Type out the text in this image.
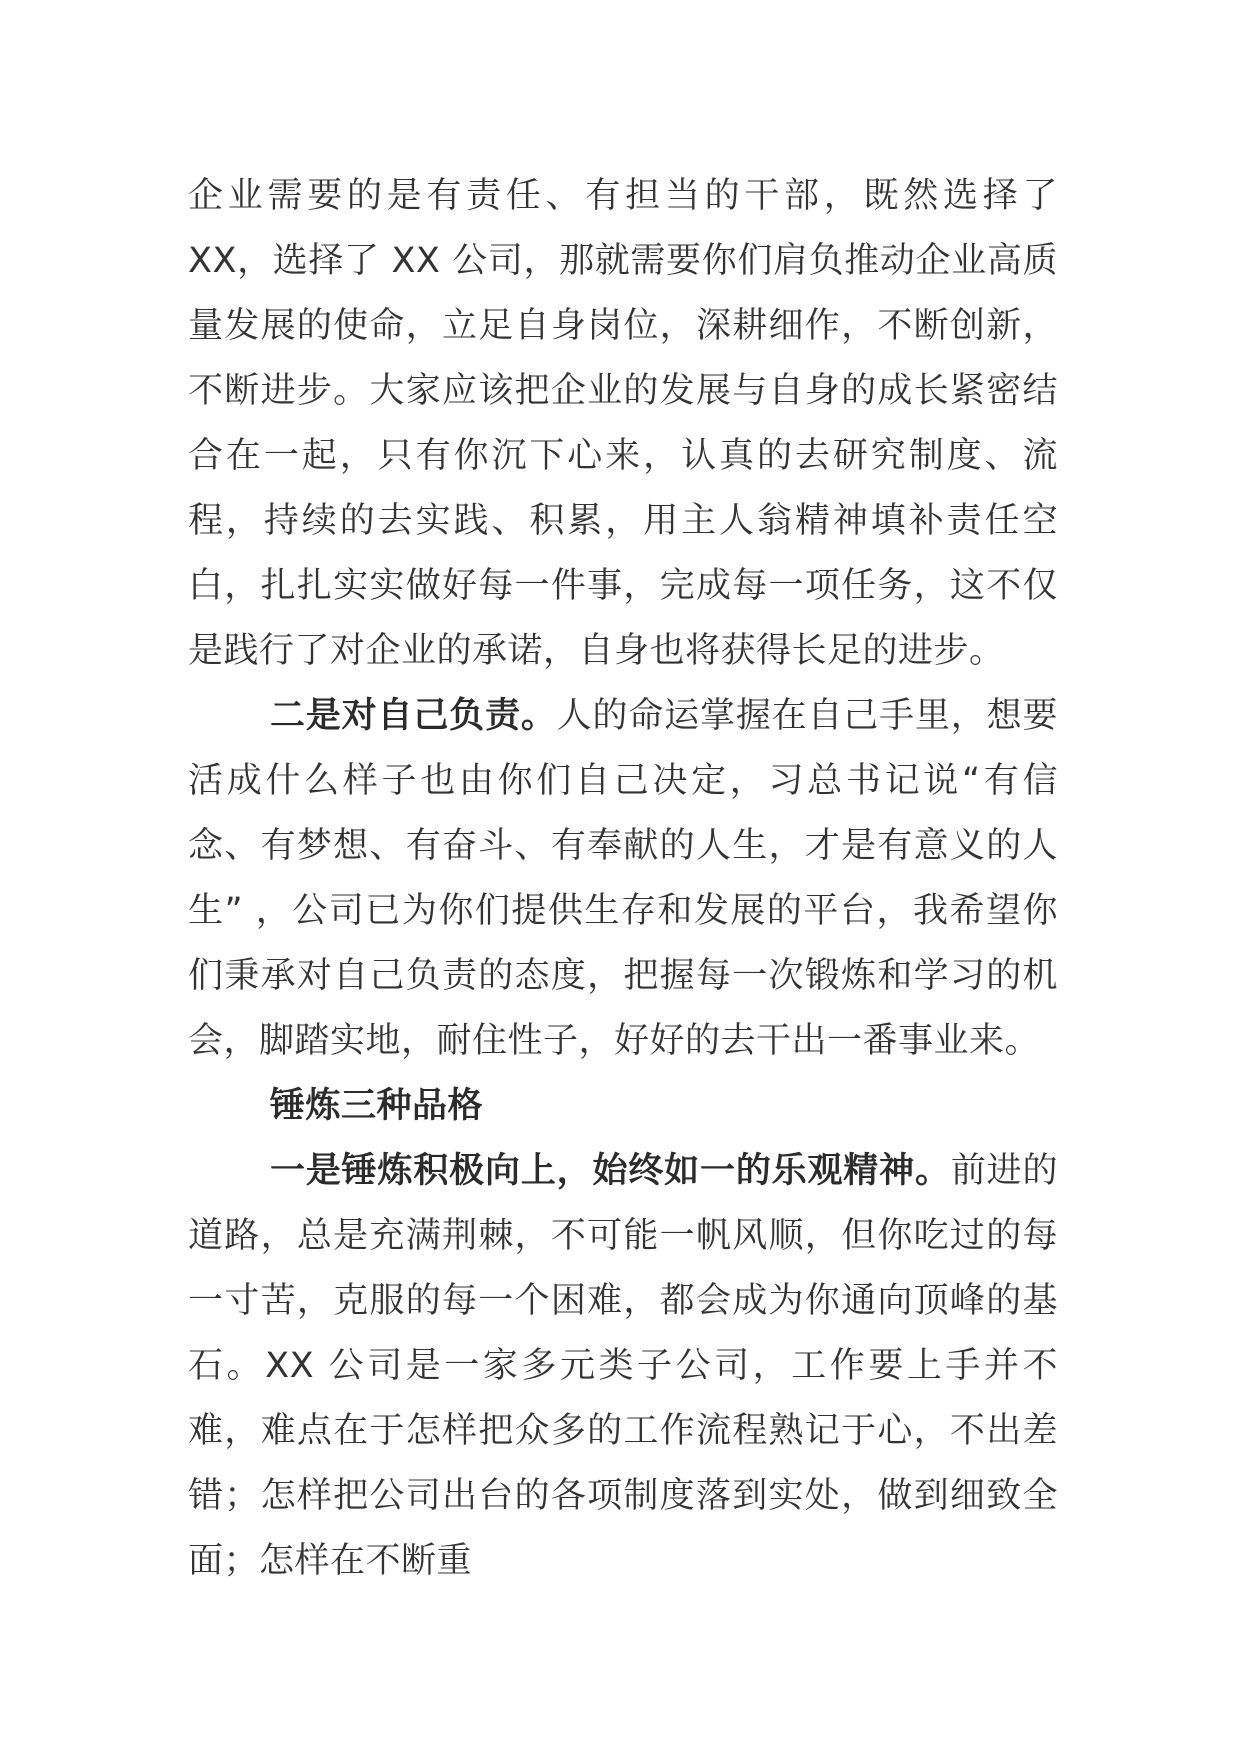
企业需要的是有责任、有担当的干部，既然选择了 XX，选择了 XX 公司，那就需要你们肩负推动企业高质量发展的使命，立足自身岗位，深耕细作，不断创新，不断进步。大家应该把企业的发展与自身的成长紧密结合在一起，只有你沉下心来，认真的去研究制度、流程，持续的去实践、积累，用主人翁精神填补责任空白，扎扎实实做好每一件事，完成每一项任务，这不仅是践行了对企业的承诺，自身也将获得长足的进步。

二是对自己负责。人的命运掌握在自己手里，想要活成什么样子也由你们自己决定，习总书记说“有信念、有梦想、有奋斗、有奉献的人生，才是有意义的人生” ，公司已为你们提供生存和发展的平台，我希望你们秉承对自己负责的态度，把握每一次锻炼和学习的机会，脚踏实地，耐住性子，好好的去干出一番事业来。

锤炼三种品格

一是锤炼积极向上，始终如一的乐观精神。前进的道路，总是充满荆棘，不可能一帆风顺，但你吃过的每一寸苦，克服的每一个困难，都会成为你通向顶峰的基石。XX 公司是一家多元类子公司，工作要上手并不难，难点在于怎样把众多的工作流程熟记于心，不出差错；怎样把公司出台的各项制度落到实处，做到细致全面；怎样在不断重
